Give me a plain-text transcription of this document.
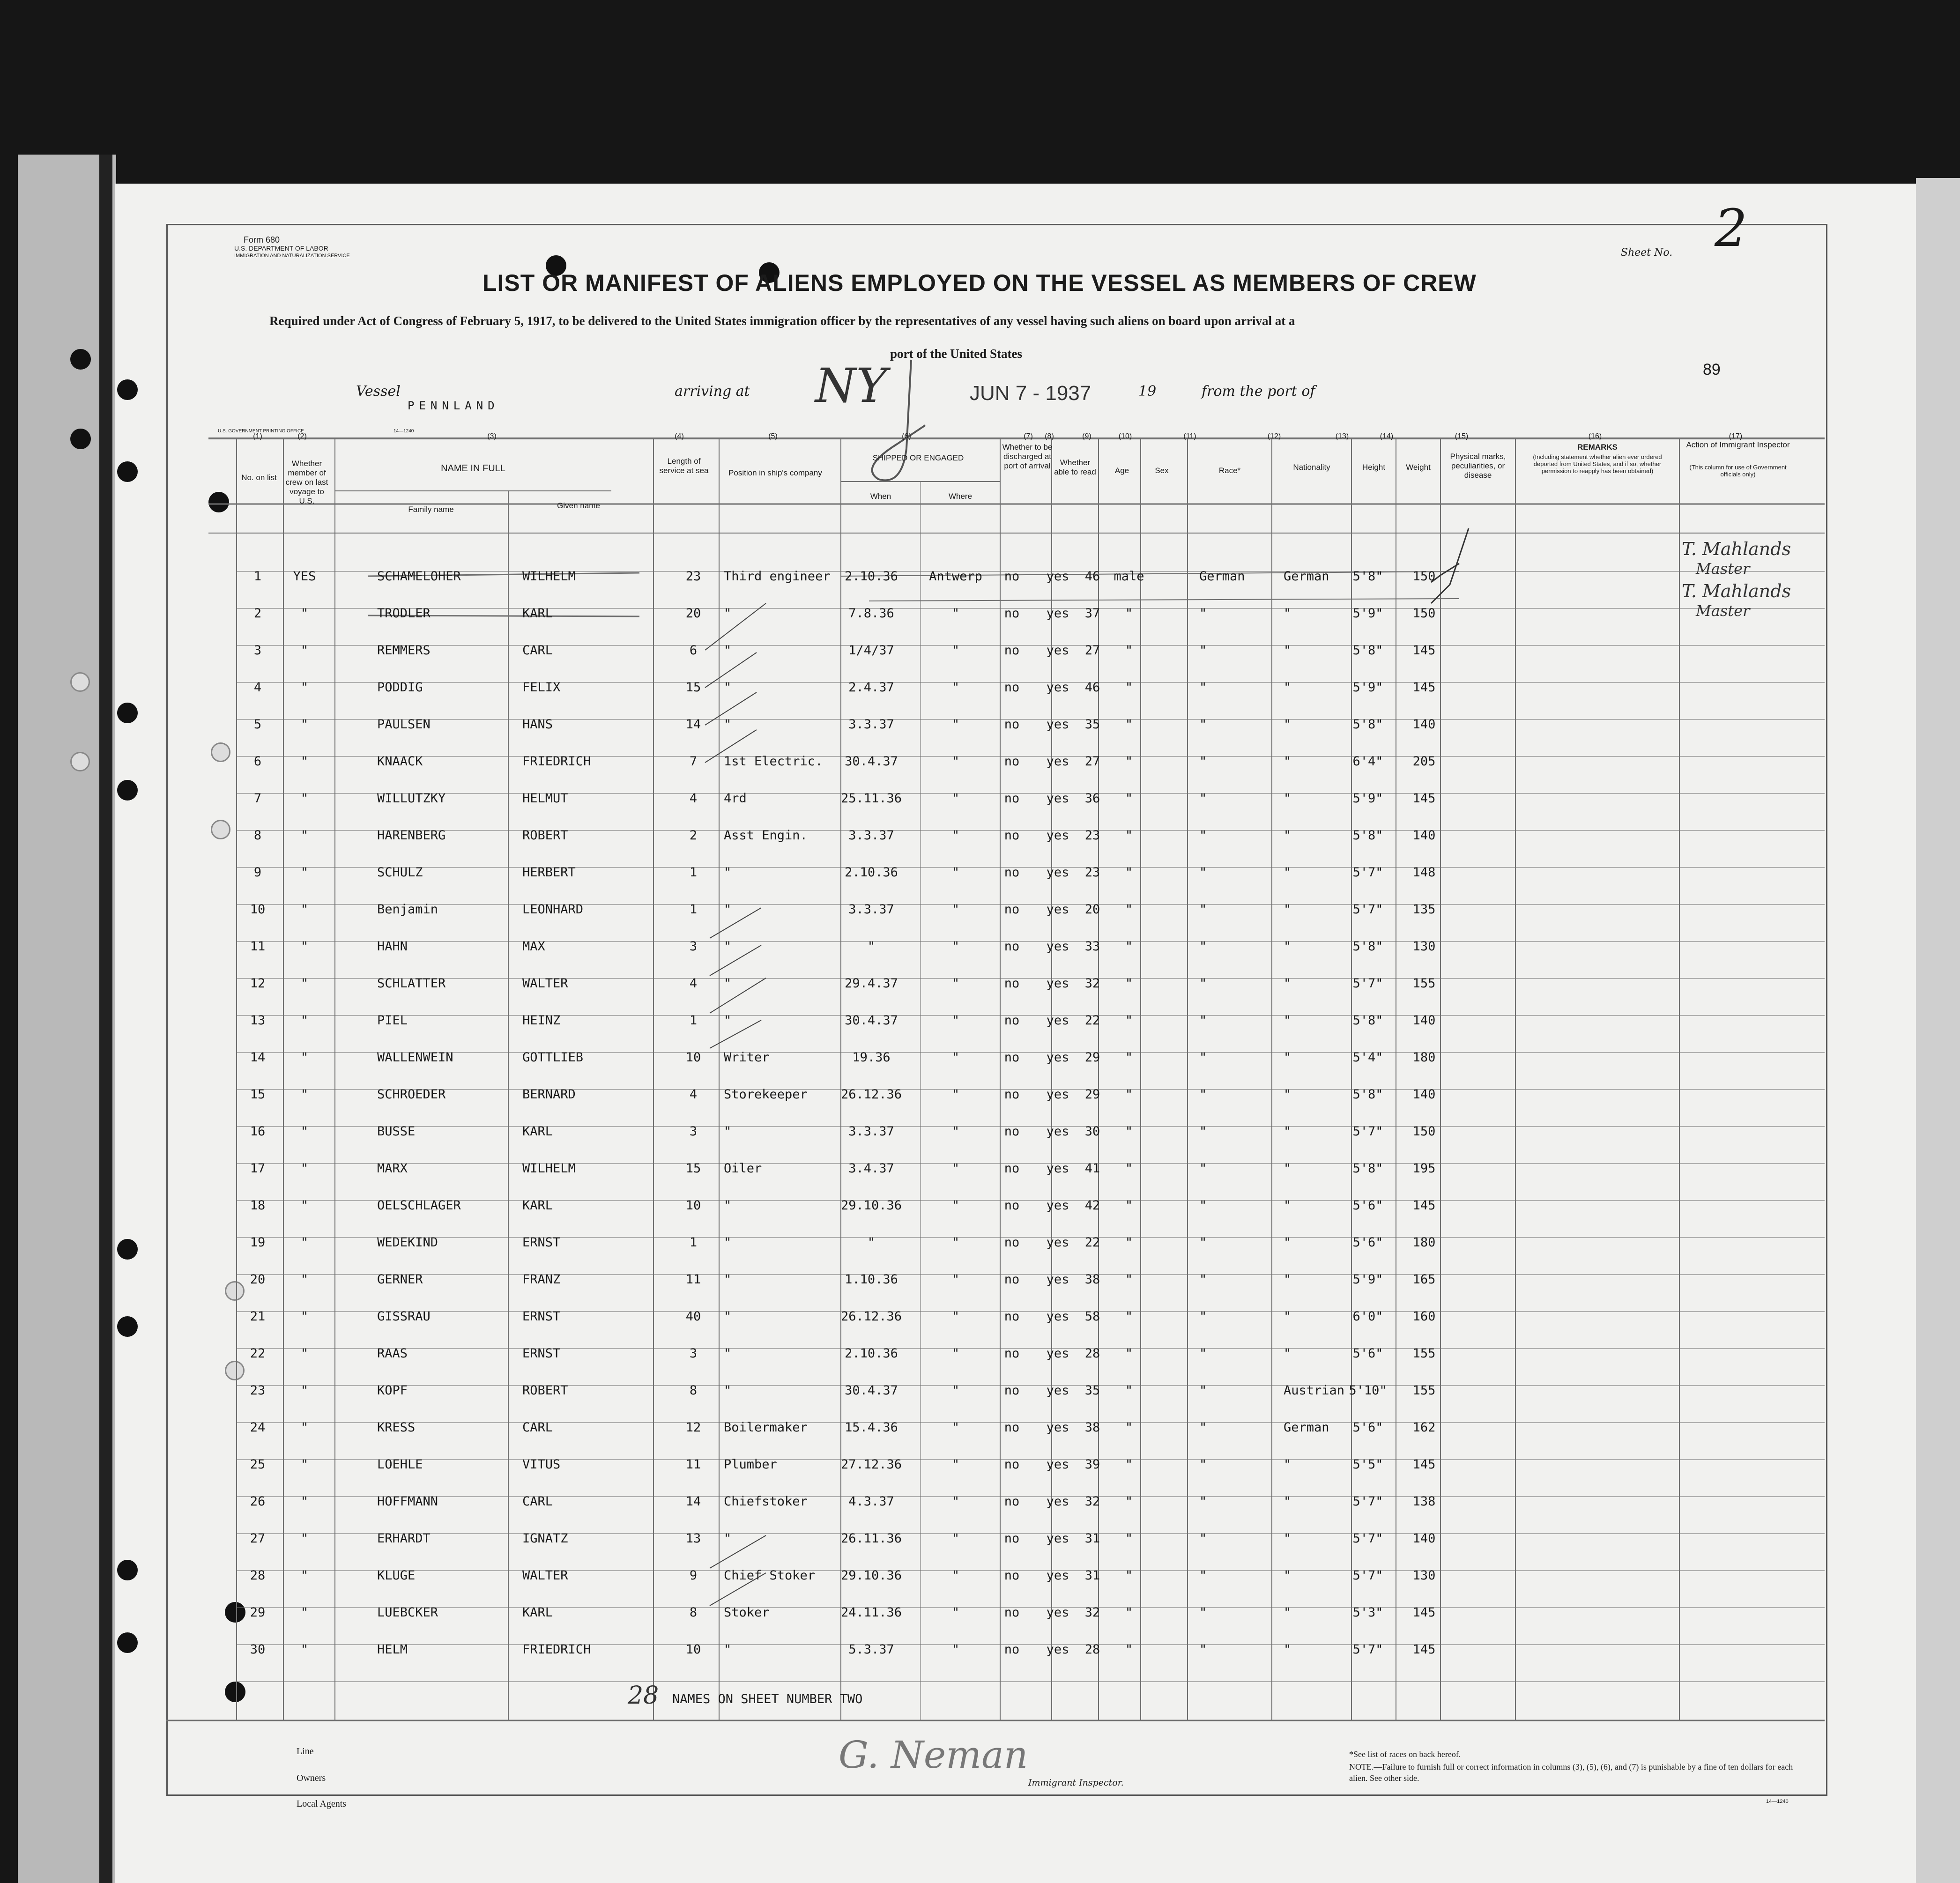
Form 680
U.S. DEPARTMENT OF LABOR
IMMIGRATION AND NATURALIZATION SERVICE	Sheet No. 2
LIST OR MANIFEST OF ALIENS EMPLOYED ON THE VESSEL AS MEMBERS OF CREW
Required under Act of Congress of February 5, 1917, to be delivered to the United States immigration officer by the representatives of any vessel having such aliens on board upon arrival at a
port of the United States
89
Vessel
PENNLAND
arriving at NY	JUN 7 - 1937	19	from the port of
U.S. GOVERNMENT PRINTING OFFICE	14—1240
(1)	(2)	(3)	(4)	(5)	(6)	(7)	(8)	(9)	(10)	(11)	(12)	(13)	(14)	(15)	(16)	(17)
No. on list
Whether member of crew on last voyage to U.S.
NAME IN FULL
Family name	Given name
Length of service at sea	Position in ship's company
SHIPPED OR ENGAGED
When	Where
Whether to be discharged at port of arrival	Whether able to read	Age	Sex	Race*	Nationality	Height	Weight
Physical marks, peculiarities, or disease
REMARKS
(Including statement whether alien ever ordered deported from United States, and if so, whether permission to reapply has been obtained)
Action of Immigrant Inspector
(This column for use of Government officials only)
1	YES	SCHAMELOHER	WILHELM	23	Third engineer	2.10.36	Antwerp	no	yes	46	male	German	German	5'8"	150
2	"	TRODLER	KARL	20	"	7.8.36	"	no	yes	37	"	"	"	5'9"	150
3	"	REMMERS	CARL	6	"	1/4/37	"	no	yes	27	"	"	"	5'8"	145
4	"	PODDIG	FELIX	15	"	2.4.37	"	no	yes	46	"	"	"	5'9"	145
5	"	PAULSEN	HANS	14	"	3.3.37	"	no	yes	35	"	"	"	5'8"	140
6	"	KNAACK	FRIEDRICH	7	1st Electric.	30.4.37	"	no	yes	27	"	"	"	6'4"	205
7	"	WILLUTZKY	HELMUT	4	4rd	25.11.36	"	no	yes	36	"	"	"	5'9"	145
8	"	HARENBERG	ROBERT	2	Asst Engin.	3.3.37	"	no	yes	23	"	"	"	5'8"	140
9	"	SCHULZ	HERBERT	1	"	2.10.36	"	no	yes	23	"	"	"	5'7"	148
10	"	Benjamin	LEONHARD	1	"	3.3.37	"	no	yes	20	"	"	"	5'7"	135
11	"	HAHN	MAX	3	"	"	"	no	yes	33	"	"	"	5'8"	130
12	"	SCHLATTER	WALTER	4	"	29.4.37	"	no	yes	32	"	"	"	5'7"	155
13	"	PIEL	HEINZ	1	"	30.4.37	"	no	yes	22	"	"	"	5'8"	140
14	"	WALLENWEIN	GOTTLIEB	10	Writer	19.36	"	no	yes	29	"	"	"	5'4"	180
15	"	SCHROEDER	BERNARD	4	Storekeeper	26.12.36	"	no	yes	29	"	"	"	5'8"	140
16	"	BUSSE	KARL	3	"	3.3.37	"	no	yes	30	"	"	"	5'7"	150
17	"	MARX	WILHELM	15	Oiler	3.4.37	"	no	yes	41	"	"	"	5'8"	195
18	"	OELSCHLAGER	KARL	10	"	29.10.36	"	no	yes	42	"	"	"	5'6"	145
19	"	WEDEKIND	ERNST	1	"	"	"	no	yes	22	"	"	"	5'6"	180
20	"	GERNER	FRANZ	11	"	1.10.36	"	no	yes	38	"	"	"	5'9"	165
21	"	GISSRAU	ERNST	40	"	26.12.36	"	no	yes	58	"	"	"	6'0"	160
22	"	RAAS	ERNST	3	"	2.10.36	"	no	yes	28	"	"	"	5'6"	155
23	"	KOPF	ROBERT	8	"	30.4.37	"	no	yes	35	"	"	Austrian 5'10"	155
24	"	KRESS	CARL	12	Boilermaker	15.4.36	"	no	yes	38	"	"	German	5'6"	162
25	"	LOEHLE	VITUS	11	Plumber	27.12.36	"	no	yes	39	"	"	"	5'5"	145
26	"	HOFFMANN	CARL	14	Chiefstoker	4.3.37	"	no	yes	32	"	"	"	5'7"	138
27	"	ERHARDT	IGNATZ	13	"	26.11.36	"	no	yes	31	"	"	"	5'7"	140
28	"	KLUGE	WALTER	9	Chief Stoker 29.10.36	"	no	yes	31	"	"	"	5'7"	130
29	"	LUEBCKER	KARL	8	Stoker	24.11.36	"	no	yes	32	"	"	"	5'3"	145
30	"	HELM	FRIEDRICH	10	"	5.3.37	"	no	yes	28	"	"	"	5'7"	145
T. Mahlands
Master
T. Mahlands
Master
28 NAMES ON SHEET NUMBER TWO
Line
Owners
Local Agents
G. Neman
Immigrant Inspector.
*See list of races on back hereof.
NOTE.—Failure to furnish full or correct information in columns (3), (5), (6), and (7) is punishable by a fine of ten dollars for each alien. See other side.
14—1240
